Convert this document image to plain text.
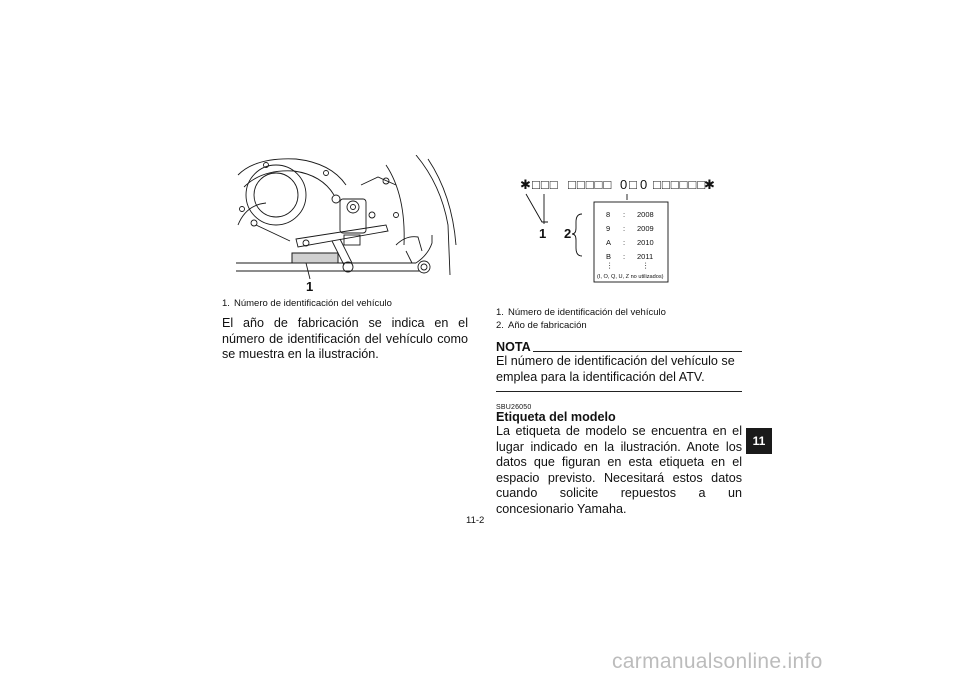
1
✱ □□□ □□□□□ 0 □ 0 □□□□□□
✱
1 2
8 : 2008
9 : 2009
A : 2010
B : 2011
⋮	⋮
(I, O, Q, U, Z no utilizados)
1. Número de identificación del vehículo
El año de fabricación se indica en el número de identificación del vehículo como se muestra en la ilustración.
1. Número de identificación del vehículo
2. Año de fabricación
NOTA
El número de identificación del vehículo se emplea para la identificación del ATV.
SBU26050
Etiqueta del modelo
La etiqueta de modelo se encuentra en el lugar indicado en la ilustración. Anote los datos que figuran en esta etiqueta en el espacio previsto. Necesitará estos datos cuando solicite repuestos a un concesionario Yamaha.
11
11-2
carmanualsonline.info
